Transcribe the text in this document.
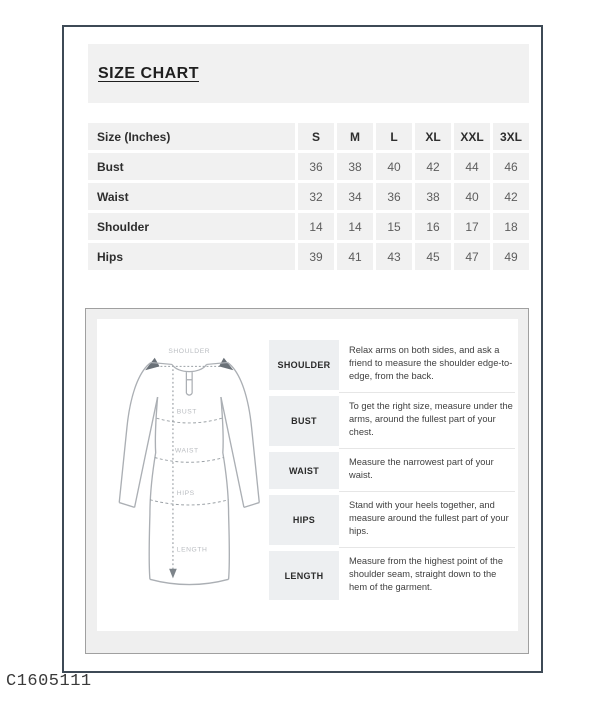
SIZE CHART
Size (Inches)	S	M	L	XL	XXL	3XL
Bust	36	38	40	42	44	46
Waist	32	34	36	38	40	42
Shoulder	14	14	15	16	17	18
Hips	39	41	43	45	47	49
SHOULDER
BUST
WAIST
HIPS
LENGTH
SHOULDER
Relax arms on both sides, and ask a friend to measure the shoulder edge-to-edge, from the back.
BUST
To get the right size, measure under the arms, around the fullest part of your chest.
WAIST
Measure the narrowest part of your waist.
HIPS
Stand with your heels together, and measure around the fullest part of your hips.
LENGTH
Measure from the highest point of the shoulder seam, straight down to the hem of the garment.
C1605111
